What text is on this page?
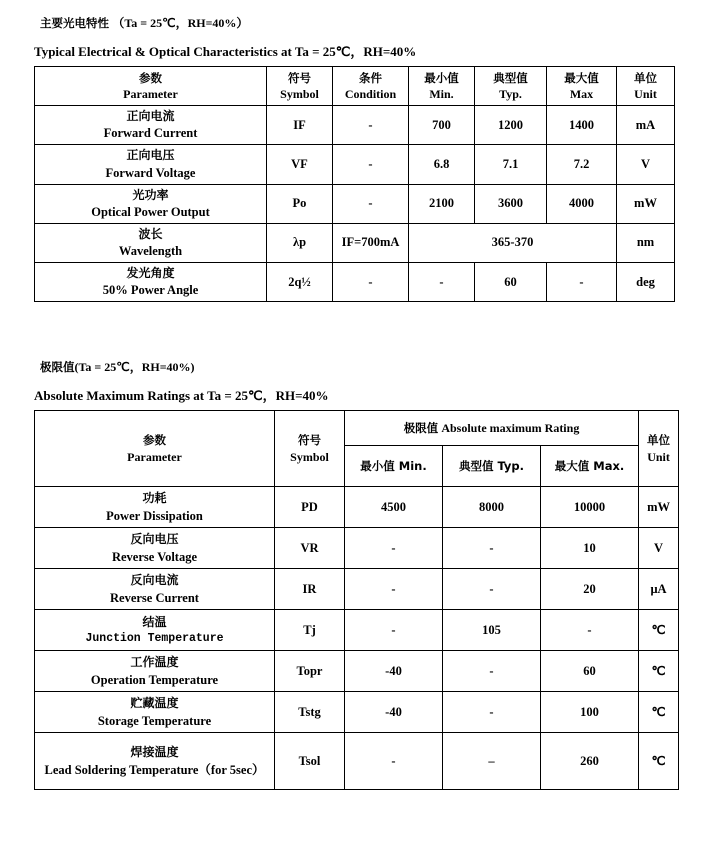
主要光电特性 （Ta = 25℃，RH=40%）
Typical Electrical & Optical Characteristics at Ta = 25℃，RH=40%
参数
Parameter	符号
Symbol	条件
Condition	最小值
Min.	典型值
Typ.	最大值
Max	单位
Unit

正向电流
Forward Current	IF	-	700	1200	1400	mA

正向电压
Forward Voltage	VF	-	6.8	7.1	7.2	V

光功率
Optical Power Output	Po	-	2100	3600	4000	mW

波长
Wavelength	λp	IF=700mA	365-370			nm

发光角度
50% Power Angle	2q½	-	-	60	-	deg
极限值(Ta = 25℃，RH=40%)
Absolute Maximum Ratings at Ta = 25℃，RH=40%
参数
Parameter	符号
Symbol	极限值 Absolute maximum Rating			单位
Unit

		最小值 Min.	典型值 Typ.	最大值 Max.	

功耗
Power Dissipation	PD	4500	8000	10000	mW

反向电压
Reverse Voltage	VR	-	-	10	V

反向电流
Reverse Current	IR	-	-	20	μA

结温
Junction Temperature	Tj	-	105	-	℃

工作温度
Operation Temperature	Topr	-40	-	60	℃

贮藏温度
Storage Temperature	Tstg	-40	-	100	℃

焊接温度
Lead Soldering Temperature（for 5sec）	Tsol	-	–	260	℃
